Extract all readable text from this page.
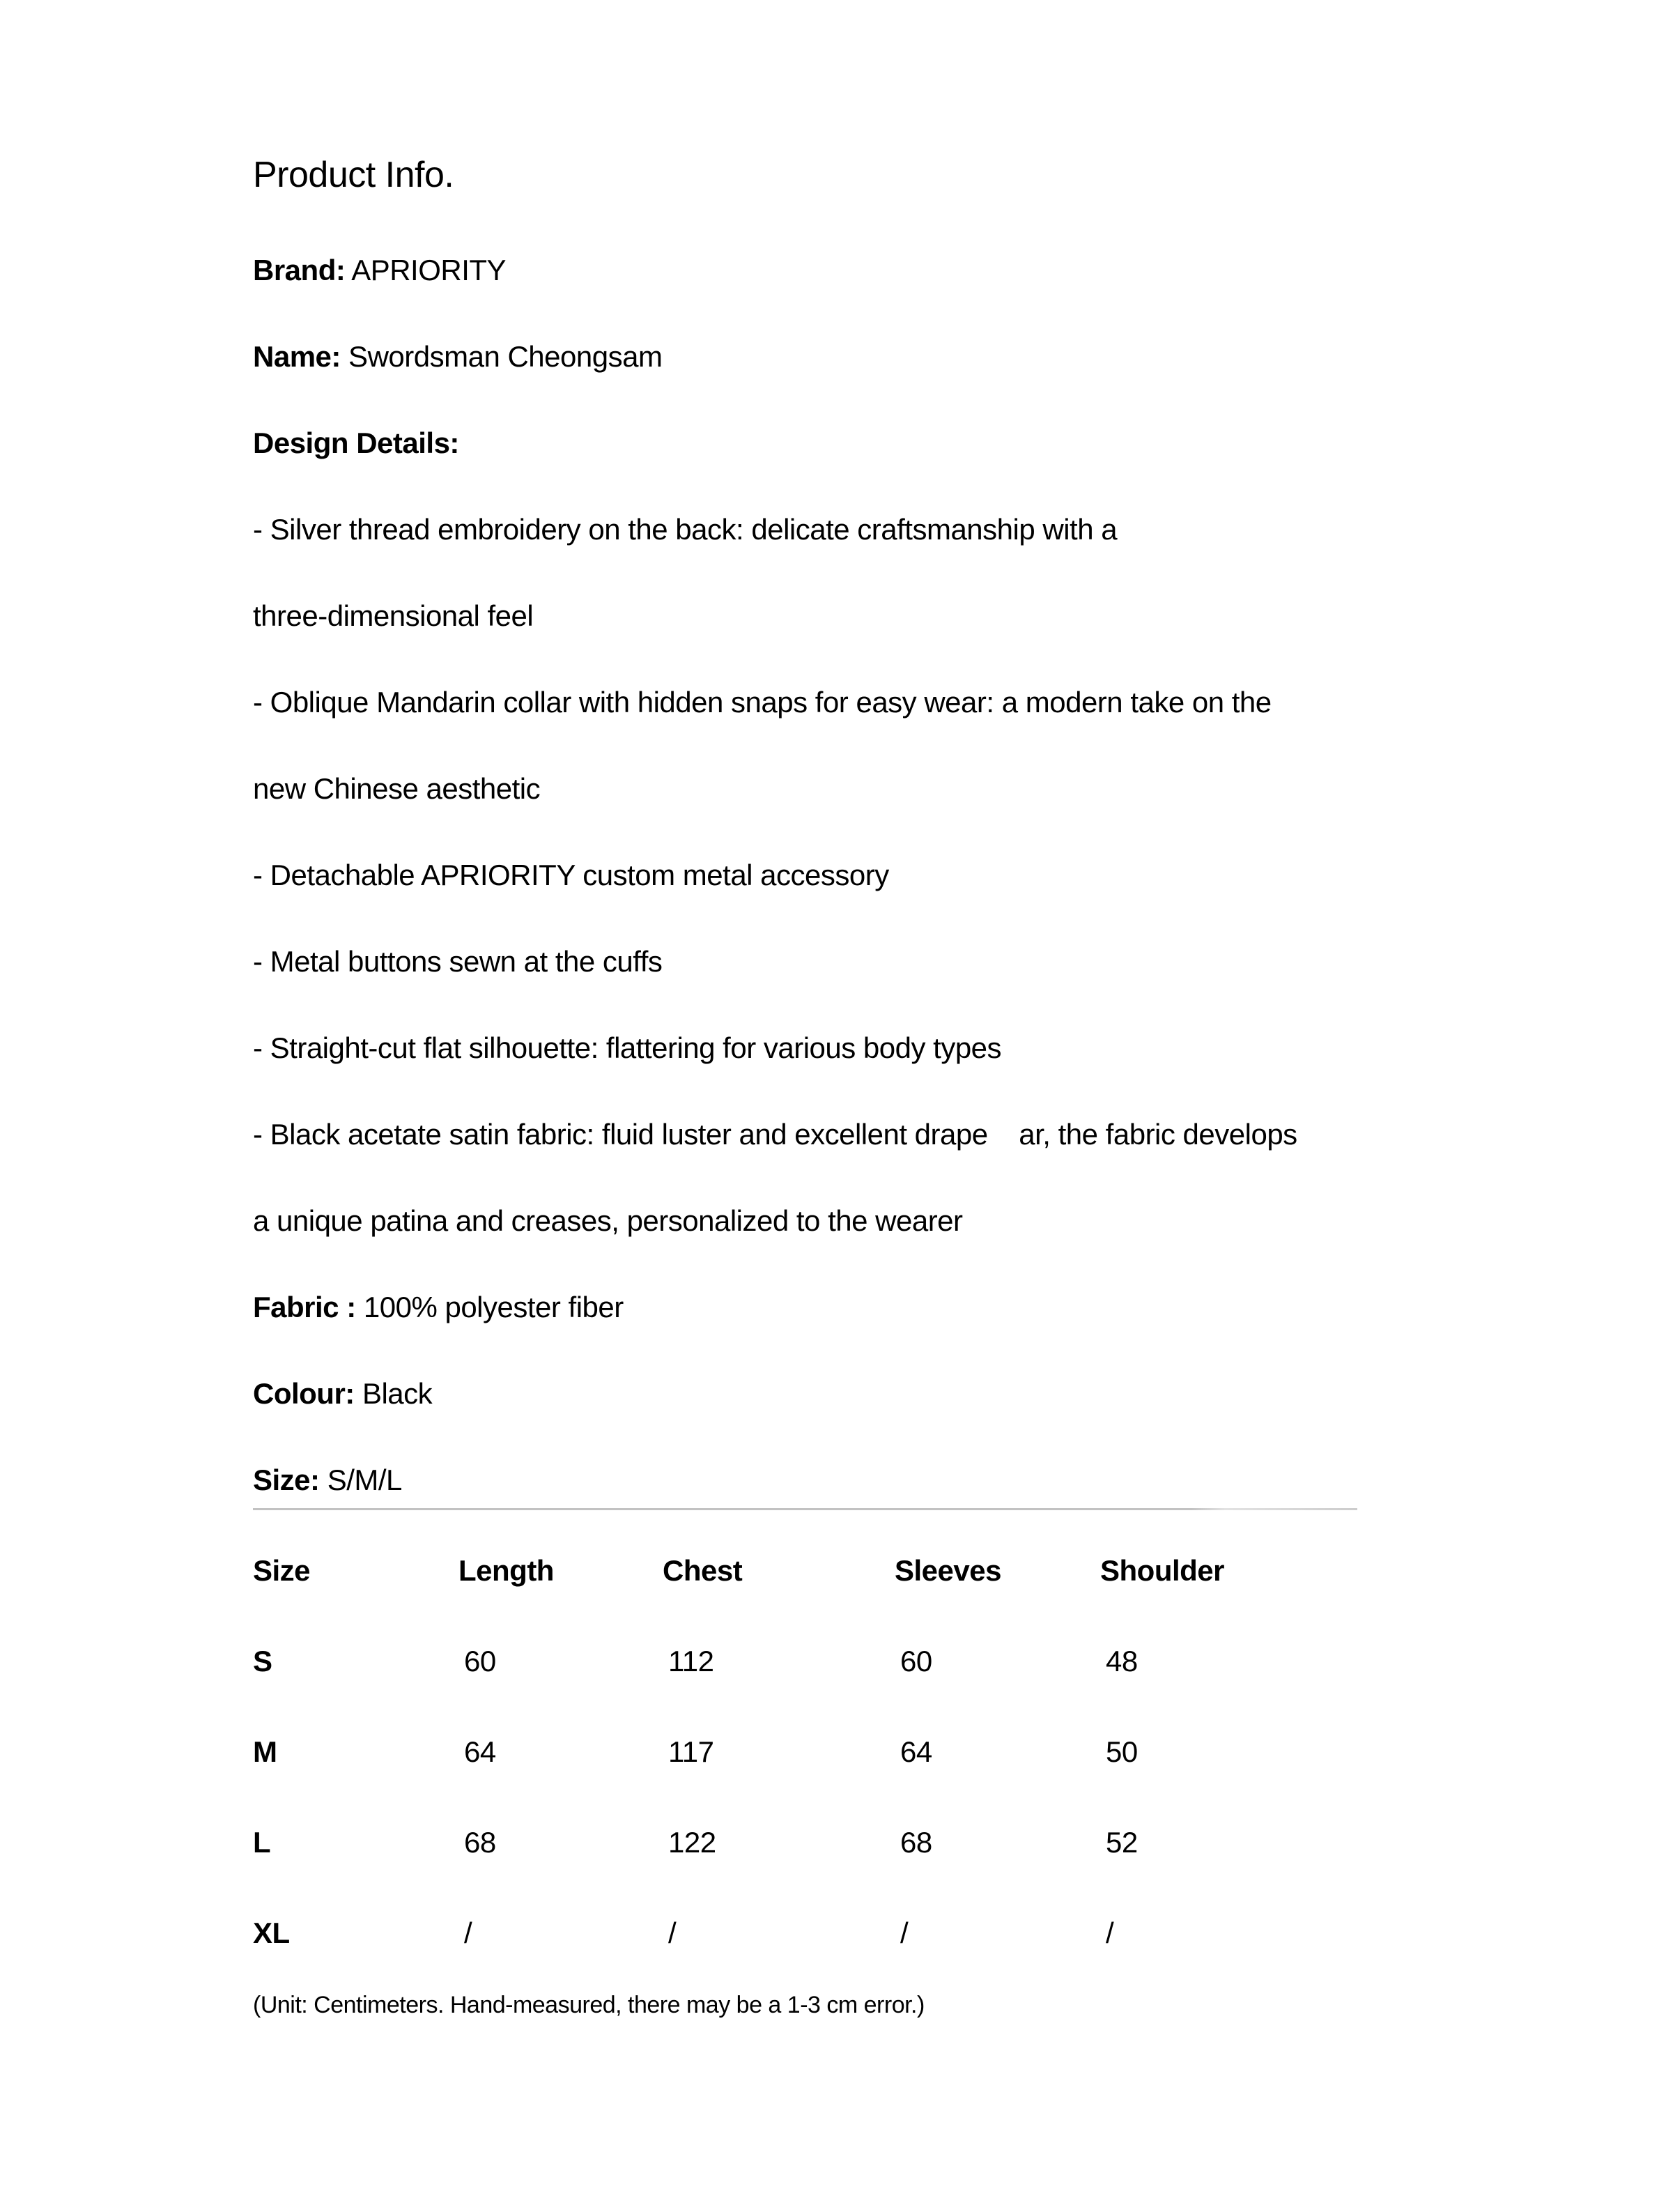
Product Info.

Brand: APRIORITY

Name: Swordsman Cheongsam

Design Details:

- Silver thread embroidery on the back: delicate craftsmanship with a

three-dimensional feel

- Oblique Mandarin collar with hidden snaps for easy wear: a modern take on the

new Chinese aesthetic

- Detachable APRIORITY custom metal accessory

- Metal buttons sewn at the cuffs

- Straight-cut flat silhouette: flattering for various body types

- Black acetate satin fabric: fluid luster and excellent drape    ar, the fabric develops

a unique patina and creases, personalized to the wearer

Fabric : 100% polyester fiber

Colour: Black

Size: S/M/L

Size	Length	Chest	Sleeves	Shoulder
S	60	112	60	48
M	64	117	64	50
L	68	122	68	52
XL	/	/	/	/

(Unit: Centimeters. Hand-measured, there may be a 1-3 cm error.)
